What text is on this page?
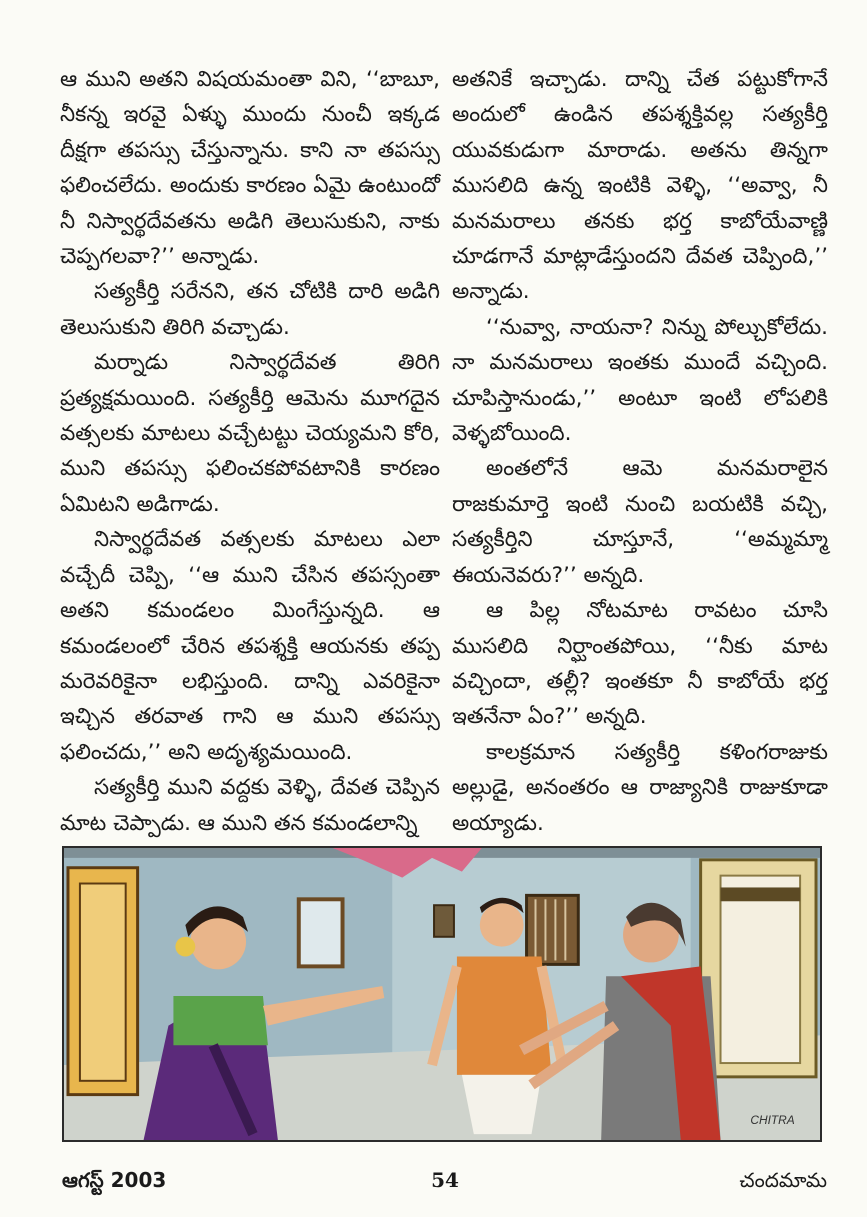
ఆ ముని అతని విషయమంతా విని, ‘‘బాబూ, నీకన్న ఇరవై ఏళ్ళు ముందు నుంచీ ఇక్కడ దీక్షగా తపస్సు చేస్తున్నాను. కాని నా తపస్సు ఫలించలేదు. అందుకు కారణం ఏమై ఉంటుందో నీ నిస్వార్థదేవతను అడిగి తెలుసుకుని, నాకు చెప్పగలవా?’’ అన్నాడు.

సత్యకీర్తి సరేనని, తన చోటికి దారి అడిగి తెలుసుకుని తిరిగి వచ్చాడు.

మర్నాడు నిస్వార్థదేవత తిరిగి ప్రత్యక్షమయింది. సత్యకీర్తి ఆమెను మూగదైన వత్సలకు మాటలు వచ్చేటట్టు చెయ్యమని కోరి, ముని తపస్సు ఫలించకపోవటానికి కారణం ఏమిటని అడిగాడు.

నిస్వార్థదేవత వత్సలకు మాటలు ఎలా వచ్చేదీ చెప్పి, ‘‘ఆ ముని చేసిన తపస్సంతా అతని కమండలం మింగేస్తున్నది. ఆ కమండలంలో చేరిన తపశ్శక్తి ఆయనకు తప్ప మరెవరికైనా లభిస్తుంది. దాన్ని ఎవరికైనా ఇచ్చిన తరవాత గాని ఆ ముని తపస్సు ఫలించదు,’’ అని అదృశ్యమయింది.

సత్యకీర్తి ముని వద్దకు వెళ్ళి, దేవత చెప్పిన మాట చెప్పాడు. ఆ ముని తన కమండలాన్ని

అతనికే ఇచ్చాడు. దాన్ని చేత పట్టుకోగానే అందులో ఉండిన తపశ్శక్తివల్ల సత్యకీర్తి యువకుడుగా మారాడు. అతను తిన్నగా ముసలిది ఉన్న ఇంటికి వెళ్ళి, ‘‘అవ్వా, నీ మనమరాలు తనకు భర్త కాబోయేవాణ్ణి చూడగానే మాట్లాడేస్తుందని దేవత చెప్పింది,’’ అన్నాడు.

‘‘నువ్వా, నాయనా? నిన్ను పోల్చుకోలేదు. నా మనమరాలు ఇంతకు ముందే వచ్చింది. చూపిస్తానుండు,’’ అంటూ ఇంటి లోపలికి వెళ్ళబోయింది.

అంతలోనే ఆమె మనమరాలైన రాజకుమార్తె ఇంటి నుంచి బయటికి వచ్చి, సత్యకీర్తిని చూస్తూనే, ‘‘అమ్మమ్మా ఈయనెవరు?’’ అన్నది.

ఆ పిల్ల నోటమాట రావటం చూసి ముసలిది నిర్ఘాంతపోయి, ‘‘నీకు మాట వచ్చిందా, తల్లీ? ఇంతకూ నీ కాబోయే భర్త ఇతనేనా ఏం?’’ అన్నది.

కాలక్రమాన సత్యకీర్తి కళింగరాజుకు అల్లుడై, అనంతరం ఆ రాజ్యానికి రాజుకూడా అయ్యాడు.

CHITRA
ఆగస్ట్ 2003	54	చందమామ
